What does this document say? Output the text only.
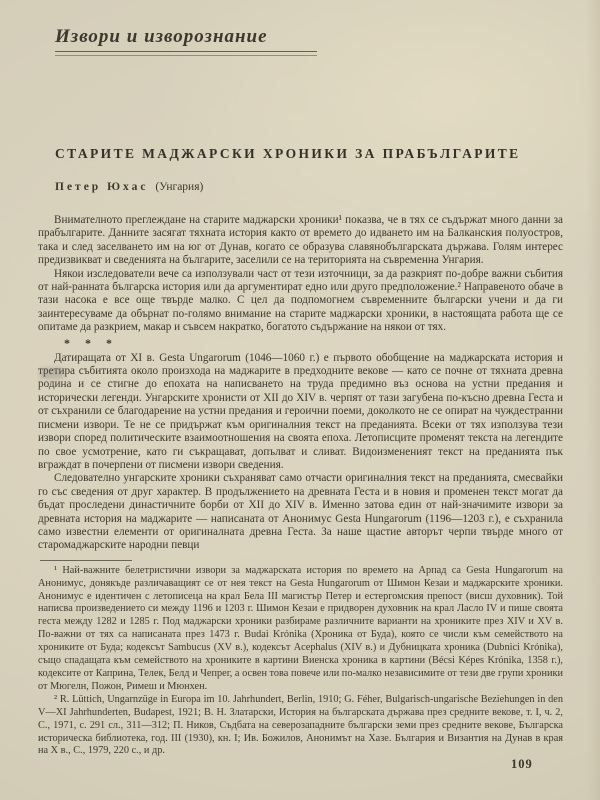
Извори и изворознание
СТАРИТЕ МАДЖАРСКИ ХРОНИКИ ЗА ПРАБЪЛГАРИТЕ
Петер Юхас (Унгария)

Внимателното преглеждане на старите маджарски хроники¹ показва, че в тях се съдържат много данни за прабългарите. Данните засягат тяхната история както от времето до идването им на Балканския полуостров, така и след заселването им на юг от Дунав, когато се образува славянобългарската държава. Голям интерес предизвикват и сведенията на българите, заселили се на територията на съвременна Унгария.

Някои изследователи вече са използували част от тези източници, за да разкрият по-добре важни събития от най-ранната българска история или да аргументират едно или друго предположение.² Направеното обаче в тази насока е все още твърде малко. С цел да подпомогнем съвременните български учени и да ги заинтересуваме да обърнат по-голямо внимание на старите маджарски хроники, в настоящата работа ще се опитаме да разкрием, макар и съвсем накратко, богатото съдържание на някои от тях.

* * *

Датиращата от XI в. Gesta Ungarorum (1046—1060 г.) е първото обобщение на маджарската история и третира събитията около произхода на маджарите в предходните векове — като се почне от тяхната древна родина и се стигне до епохата на написването на труда предимно въз основа на устни предания и исторически легенди. Унгарските хронисти от XII до XIV в. черпят от тази загубена по-късно древна Геста и от съхранили се благодарение на устни предания и героични поеми, доколкото не се опират на чуждестранни писмени извори. Те не се придържат към оригиналния текст на преданията. Всеки от тях използува тези извори според политическите взаимоотношения на своята епоха. Летописците променят текста на легендите по свое усмотрение, като ги съкращават, допълват и сливат. Видоизмененият текст на преданията пък вграждат в почерпени от писмени извори сведения.

Следователно унгарските хроники съхраняват само отчасти оригиналния текст на преданията, смесвайки го със сведения от друг характер. В продължението на древната Геста и в новия и променен текст могат да бъдат проследени династичните борби от XII до XIV в. Именно затова един от най-значимите извори за древната история на маджарите — написаната от Анонимус Gesta Hungarorum (1196—1203 г.), е съхранила само известни елементи от оригиналната древна Геста. За наше щастие авторът черпи твърде много от старомаджарските народни певци

¹ Най-важните белетристични извори за маджарската история по времето на Арпад са Gesta Hungarorum на Анонимус, донякъде различаващият се от нея текст на Gesta Hungarorum от Шимон Кезаи и маджарските хроники. Анонимус е идентичен с летописеца на крал Бела III магистър Петер и естергомския препост (висш духовник). Той написва произведението си между 1196 и 1203 г. Шимон Кезаи е придворен духовник на крал Ласло IV и пише своята геста между 1282 и 1285 г. Под маджарски хроники разбираме различните варианти на хрониките през XIV и XV в. По-важни от тях са написаната през 1473 г. Budai Krónika (Хроника от Буда), която се числи към семейството на хрониките от Буда; кодексът Sambucus (XV в.), кодексът Acephalus (XIV в.) и Дубницката хроника (Dubnici Krónika), също спадащата към семейството на хрониките в картини Виенска хроника в картини (Bécsi Képes Krónika, 1358 г.), кодексите от Каприна, Телек, Белд и Чепрег, а освен това повече или по-малко независимите от тези две групи хроники от Мюгелн, Пожон, Римеш и Мюнхен.

² R. Lüttich, Ungarnzüge in Europa im 10. Jahrhundert, Berlin, 1910; G. Féher, Bulgarisch-ungarische Beziehungen in den V—XI Jahrhunderten, Budapest, 1921; В. Н. Златарски, История на българската държава през средните векове, т. I, ч. 2, С., 1971, с. 291 сл., 311—312; П. Ников, Съдбата на северозападните български земи през средните векове, Българска историческа библиотека, год. III (1930), кн. I; Ив. Божилов, Анонимът на Хазе. България и Византия на Дунав в края на X в., С., 1979, 220 с., и др.

109
